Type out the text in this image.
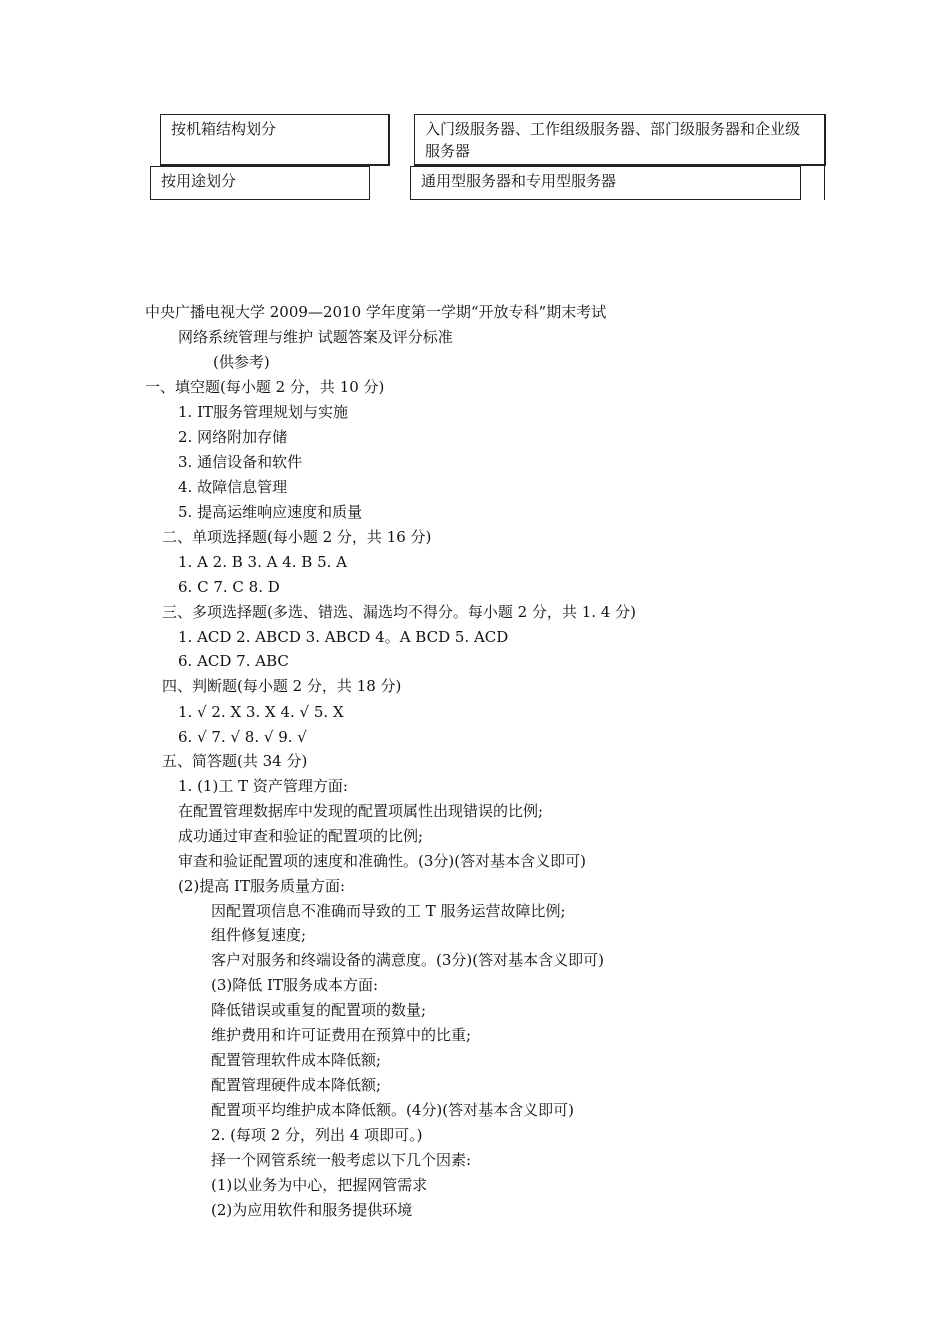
按机箱结构划分	入门级服务器、工作组级服务器、部门级服务器和企业级服务器
按用途划分	通用型服务器和专用型服务器
中央广播电视大学 2009—2010 学年度第一学期“开放专科”期末考试
网络系统管理与维护 试题答案及评分标准
(供参考)
一、填空题(每小题 2 分，共 10 分)
1. IT服务管理规划与实施
2. 网络附加存储
3. 通信设备和软件
4. 故障信息管理
5. 提高运维响应速度和质量
二、单项选择题(每小题 2 分，共 16 分)
1. A 2. B 3. A 4. B 5. A
6. C 7. C 8. D
三、多项选择题(多选、错选、漏选均不得分。每小题 2 分，共 1. 4 分)
1. ACD 2. ABCD 3. ABCD 4。A BCD 5. ACD
6. ACD 7. ABC
四、判断题(每小题 2 分，共 18 分)
1. √ 2. X 3. X 4. √ 5. X
6. √ 7. √ 8. √ 9. √
五、简答题(共 34 分)
1. (1)工 T 资产管理方面:
在配置管理数据库中发现的配置项属性出现错误的比例;
成功通过审查和验证的配置项的比例;
审查和验证配置项的速度和准确性。(3分)(答对基本含义即可)
(2)提高 IT服务质量方面:
因配置项信息不准确而导致的工 T 服务运营故障比例;
组件修复速度;
客户对服务和终端设备的满意度。(3分)(答对基本含义即可)
(3)降低 IT服务成本方面:
降低错误或重复的配置项的数量;
维护费用和许可证费用在预算中的比重;
配置管理软件成本降低额;
配置管理硬件成本降低额;
配置项平均维护成本降低额。(4分)(答对基本含义即可)
2. (每项 2 分，列出 4 项即可。)
择一个网管系统一般考虑以下几个因素:
(1)以业务为中心，把握网管需求
(2)为应用软件和服务提供环境
